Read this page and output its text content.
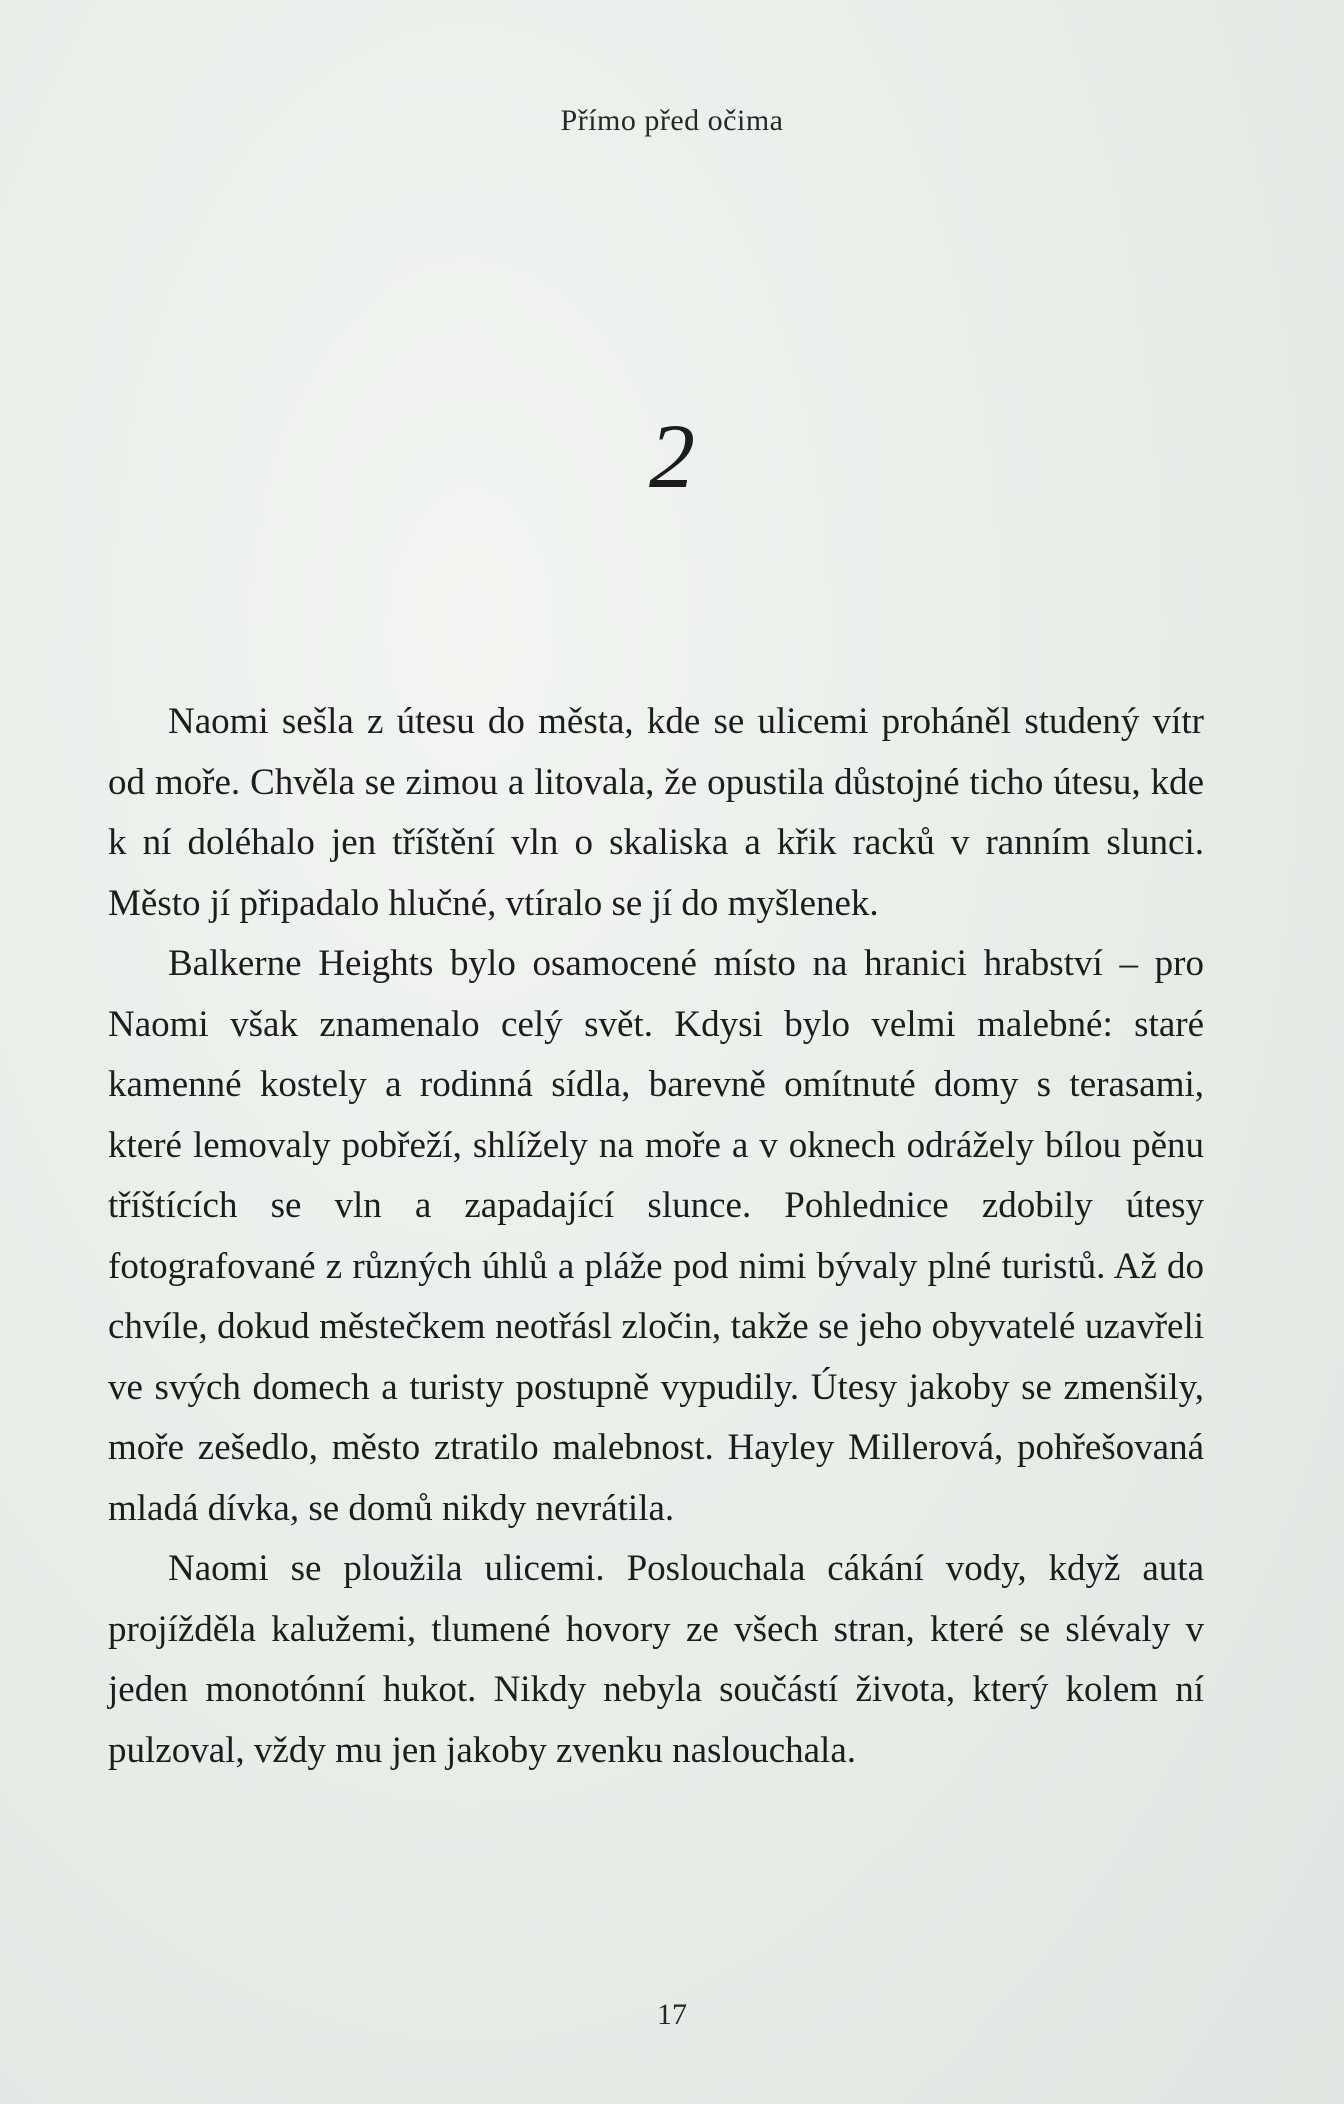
Přímo před očima
2

Naomi sešla z útesu do města, kde se ulicemi proháněl studený vítr od moře. Chvěla se zimou a litovala, že opustila důstojné ticho útesu, kde k ní doléhalo jen tříštění vln o skaliska a křik racků v ranním slunci. Město jí připadalo hlučné, vtíralo se jí do myšlenek.

Balkerne Heights bylo osamocené místo na hranici hrabství – pro Naomi však znamenalo celý svět. Kdysi bylo velmi malebné: staré kamenné kostely a rodinná sídla, barevně omítnuté domy s terasami, které lemovaly pobřeží, shlížely na moře a v oknech odrážely bílou pěnu tříštících se vln a zapadající slunce. Pohlednice zdobily útesy fotografované z různých úhlů a pláže pod nimi bývaly plné turistů. Až do chvíle, dokud městečkem neotřásl zločin, takže se jeho obyvatelé uzavřeli ve svých domech a turisty postupně vypudily. Útesy jakoby se zmenšily, moře zešedlo, město ztratilo malebnost. Hayley Millerová, pohřešovaná mladá dívka, se domů nikdy nevrátila.

Naomi se ploužila ulicemi. Poslouchala cákání vody, když auta projížděla kalužemi, tlumené hovory ze všech stran, které se slévaly v jeden monotónní hukot. Nikdy nebyla součástí života, který kolem ní pulzoval, vždy mu jen jakoby zvenku naslouchala.

17
